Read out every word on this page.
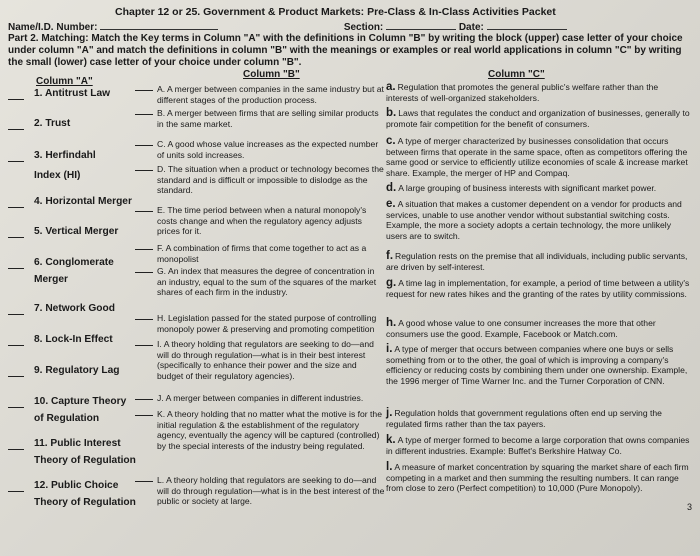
Chapter 12 or 25. Government & Product Markets: Pre-Class & In-Class Activities Packet
Name/I.D. Number:	Section:	Date:
Part 2. Matching: Match the Key terms in Column "A" with the definitions in Column "B" by writing the block (upper) case letter of your choice under column "A" and match the definitions in column "B" with the meanings or examples or real world applications in column "C" by writing the small (lower) case letter of your choice under column "B".
Column "A"
Column "B"	Column "C"
1. Antitrust Law
2. Trust
3. Herfindahl
Index (HI)
4. Horizontal Merger
5. Vertical Merger
6. Conglomerate
Merger
7. Network Good
8. Lock-In Effect
9. Regulatory Lag
10. Capture Theory
of Regulation
11. Public Interest
Theory of Regulation
12. Public Choice
Theory of Regulation
A. A merger between companies in the same industry but at different stages of the production process.
B. A merger between firms that are selling similar products in the same market.
C. A good whose value increases as the expected number of units sold increases.
D. The situation when a product or technology becomes the standard and is difficult or impossible to dislodge as the standard.
E. The time period between when a natural monopoly's costs change and when the regulatory agency adjusts prices for it.
F. A combination of firms that come together to act as a monopolist
G. An index that measures the degree of concentration in an industry, equal to the sum of the squares of the market shares of each firm in the industry.
H. Legislation passed for the stated purpose of controlling monopoly power & preserving and promoting competition
I. A theory holding that regulators are seeking to do—and will do through regulation—what is in their best interest (specifically to enhance their power and the size and budget of their regulatory agencies).
J. A merger between companies in different industries.
K. A theory holding that no matter what the motive is for the initial regulation & the establishment of the regulatory agency, eventually the agency will be captured (controlled) by the special interests of the industry being regulated.
L. A theory holding that regulators are seeking to do—and will do through regulation—what is in the best interest of the public or society at large.
a. Regulation that promotes the general public's welfare rather than the interests of well-organized stakeholders.
b. Laws that regulates the conduct and organization of businesses, generally to promote fair competition for the benefit of consumers.
c. A type of merger characterized by businesses consolidation that occurs between firms that operate in the same space, often as competitors offering the same good or service to efficiently utilize economies of scale & increase market share. Example, the merger of HP and Compaq.
d. A large grouping of business interests with significant market power.
e. A situation that makes a customer dependent on a vendor for products and services, unable to use another vendor without substantial switching costs. Example, the more a society adopts a certain technology, the more unlikely users are to switch.
f. Regulation rests on the premise that all individuals, including public servants, are driven by self-interest.
g. A time lag in implementation, for example, a period of time between a utility's request for new rates hikes and the granting of the rates by utility commissions.
h. A good whose value to one consumer increases the more that other consumers use the good. Example, Facebook or Match.com.
i. A type of merger that occurs between companies where one buys or sells something from or to the other, the goal of which is improving a company's efficiency or reducing costs by combining them under one ownership. Example, the 1996 merger of Time Warner Inc. and the Turner Corporation of CNN.
j. Regulation holds that government regulations often end up serving the regulated firms rather than the tax payers.
k. A type of merger formed to become a large corporation that owns companies in different industries. Example: Buffet's Berkshire Hatway Co.
l. A measure of market concentration by squaring the market share of each firm competing in a market and then summing the resulting numbers. It can range from close to zero (Perfect competition) to 10,000 (Pure Monopoly).
3
